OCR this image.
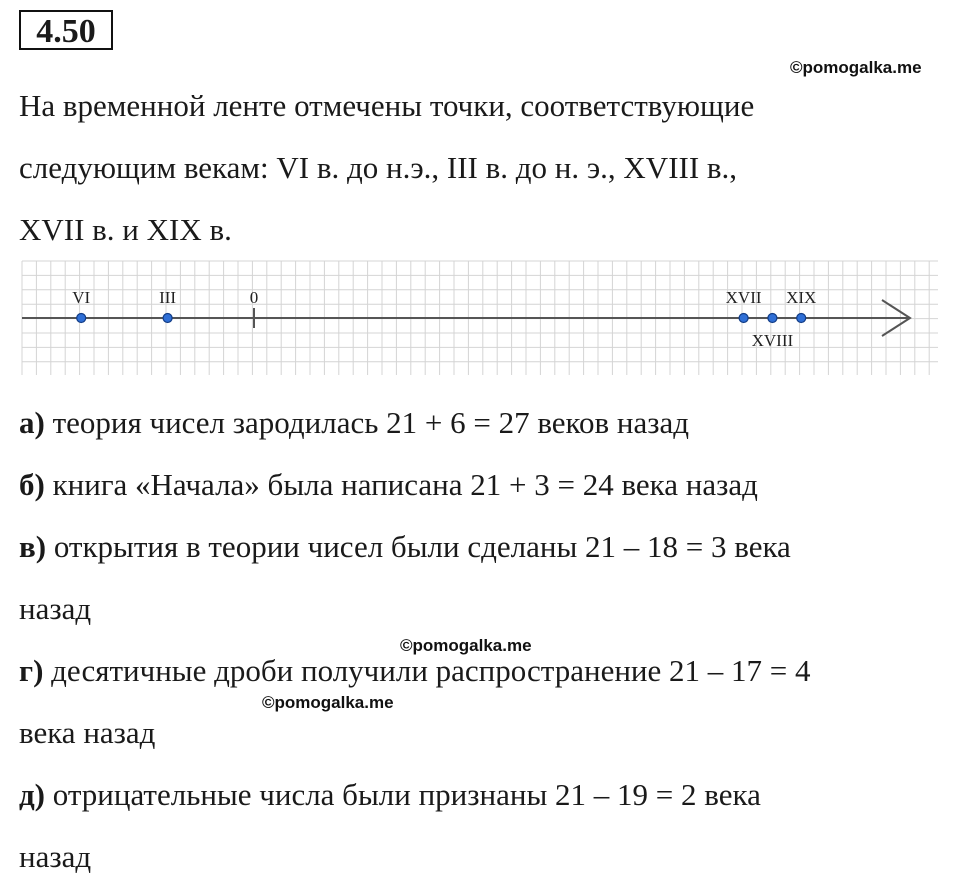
4.50
©pomogalka.me
На временной ленте отмечены точки, соответствующие
следующим векам: VI в. до н.э., III в. до н. э., XVIII в.,
XVII в. и XIX в.
0
VI	III	XVII
XVIII
XIX
©pomogalka.me
©pomogalka.me
а) теория чисел зародилась 21 + 6 = 27 веков назад
б) книга «Начала» была написана 21 + 3 = 24 века назад
в) открытия в теории чисел были сделаны 21 – 18 = 3 века
назад
г) десятичные дроби получили распространение 21 – 17 = 4
века назад
д) отрицательные числа были признаны 21 – 19 = 2 века
назад
